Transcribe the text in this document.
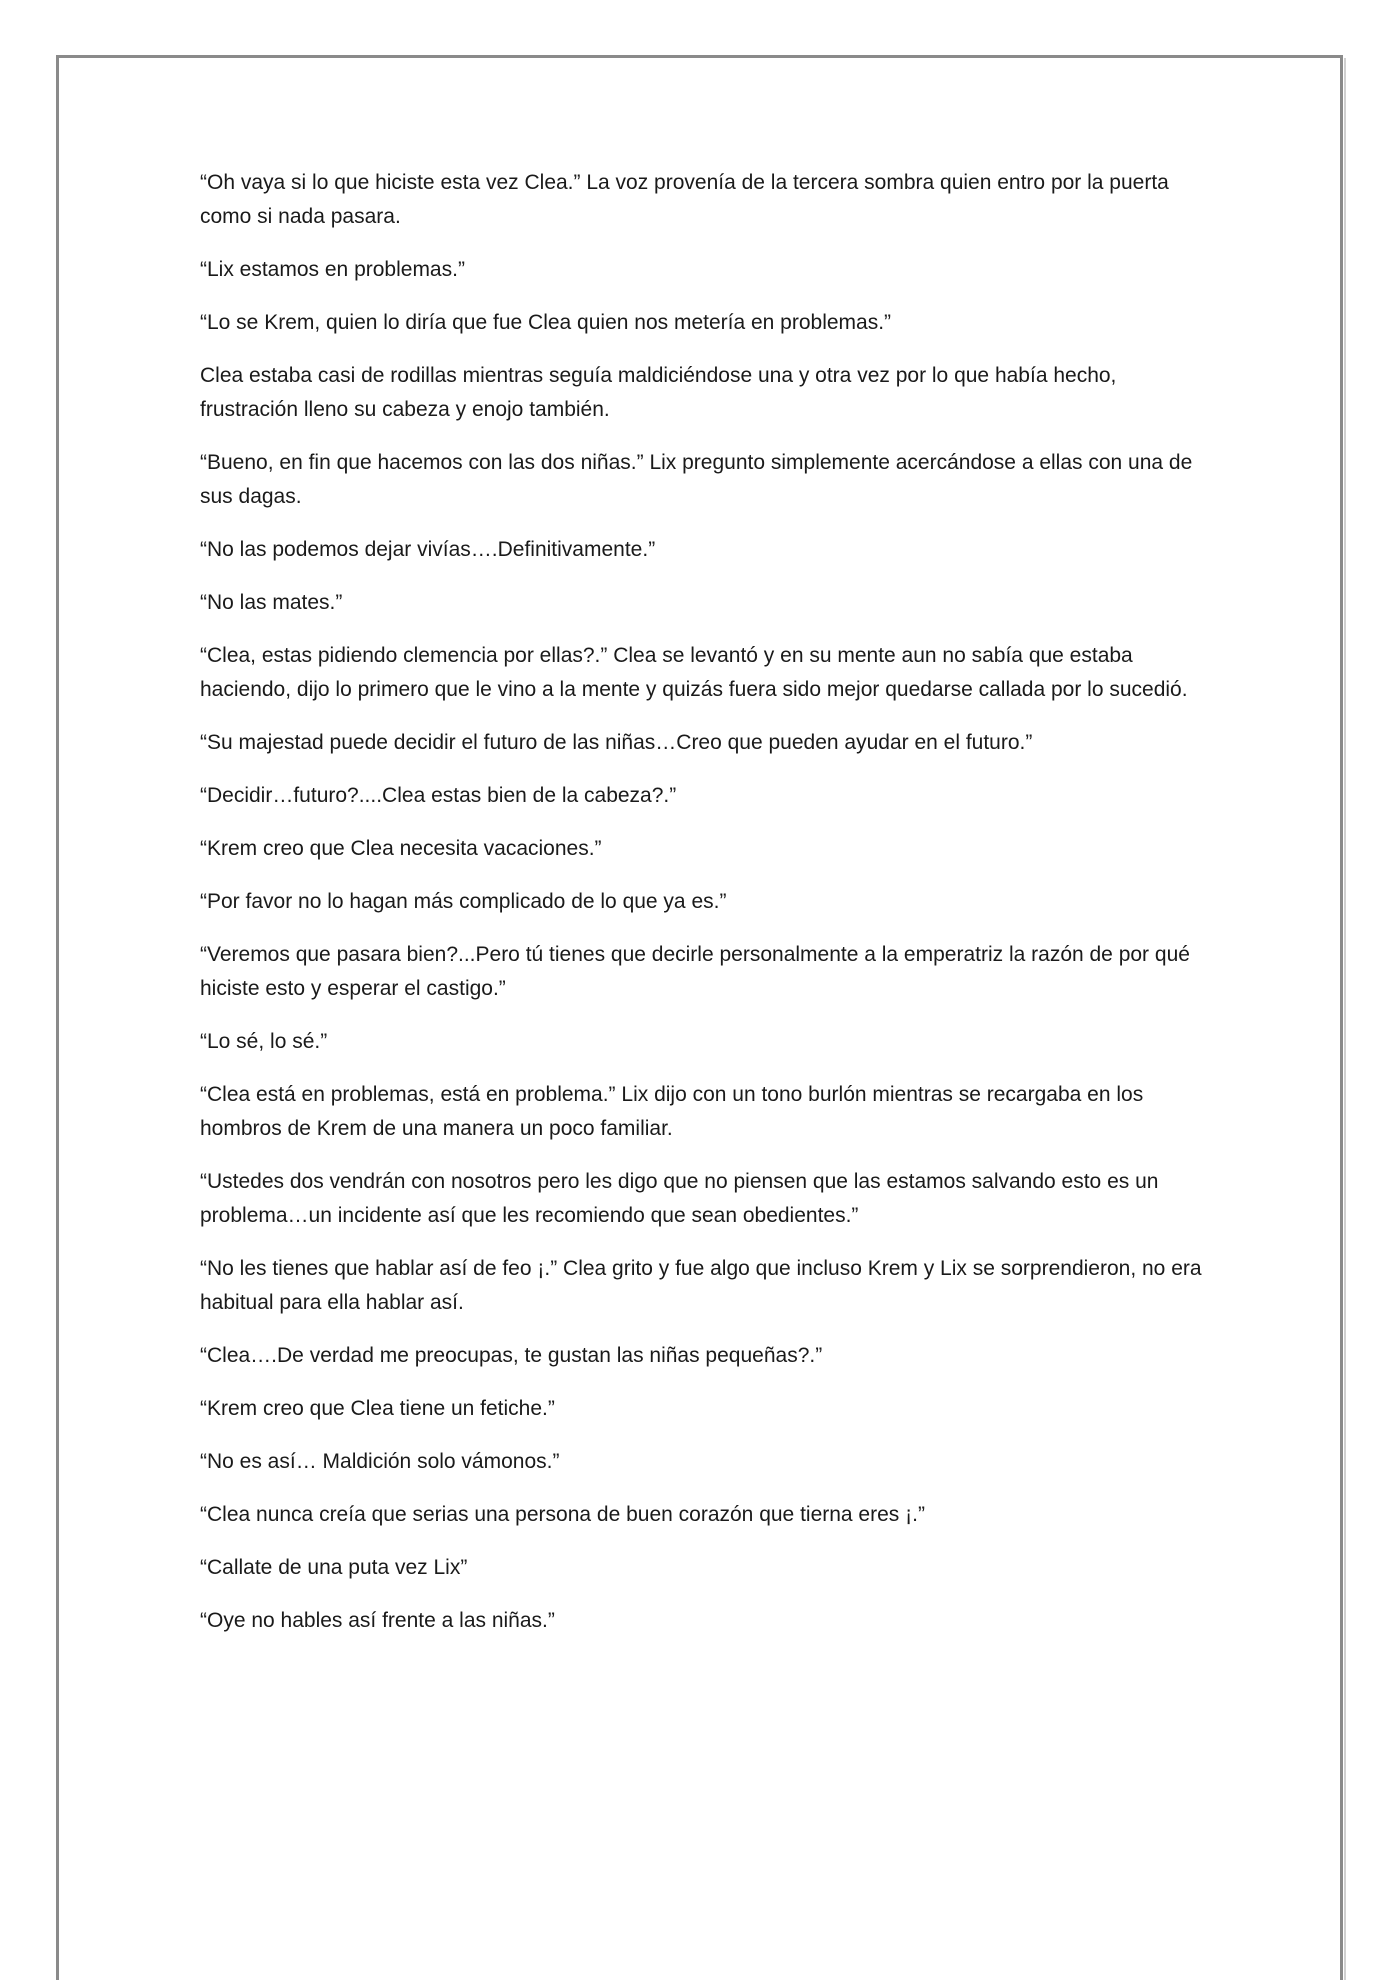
“Oh vaya si lo que hiciste esta vez Clea.” La voz provenía de la tercera sombra quien entro por la puerta como si nada pasara.

“Lix estamos en problemas.”

“Lo se Krem, quien lo diría que fue Clea quien nos metería en problemas.”

Clea estaba casi de rodillas mientras seguía maldiciéndose una y otra vez por lo que había hecho, frustración lleno su cabeza y enojo también.

“Bueno, en fin que hacemos con las dos niñas.” Lix pregunto simplemente acercándose a ellas con una de sus dagas.

“No las podemos dejar vivías….Definitivamente.”

“No las mates.”

“Clea, estas pidiendo clemencia por ellas?.” Clea se levantó y en su mente aun no sabía que estaba haciendo, dijo lo primero que le vino a la mente y quizás fuera sido mejor quedarse callada por lo sucedió.

“Su majestad puede decidir el futuro de las niñas…Creo que pueden ayudar en el futuro.”

“Decidir…futuro?....Clea estas bien de la cabeza?.”

“Krem creo que Clea necesita vacaciones.”

“Por favor no lo hagan más complicado de lo que ya es.”

“Veremos que pasara bien?...Pero tú tienes que decirle personalmente a la emperatriz la razón de por qué hiciste esto y esperar el castigo.”

“Lo sé, lo sé.”

“Clea está en problemas, está en problema.” Lix dijo con un tono burlón mientras se recargaba en los hombros de Krem de una manera un poco familiar.

“Ustedes dos vendrán con nosotros pero les digo que no piensen que las estamos salvando esto es un problema…un incidente así que les recomiendo que sean obedientes.”

“No les tienes que hablar así de feo ¡.” Clea grito y fue algo que incluso Krem y Lix se sorprendieron, no era habitual para ella hablar así.

“Clea….De verdad me preocupas, te gustan las niñas pequeñas?.”

“Krem creo que Clea tiene un fetiche.”

“No es así… Maldición solo vámonos.”

“Clea nunca creía que serias una persona de buen corazón que tierna eres ¡.”

“Callate de una puta vez Lix”

“Oye no hables así frente a las niñas.”
